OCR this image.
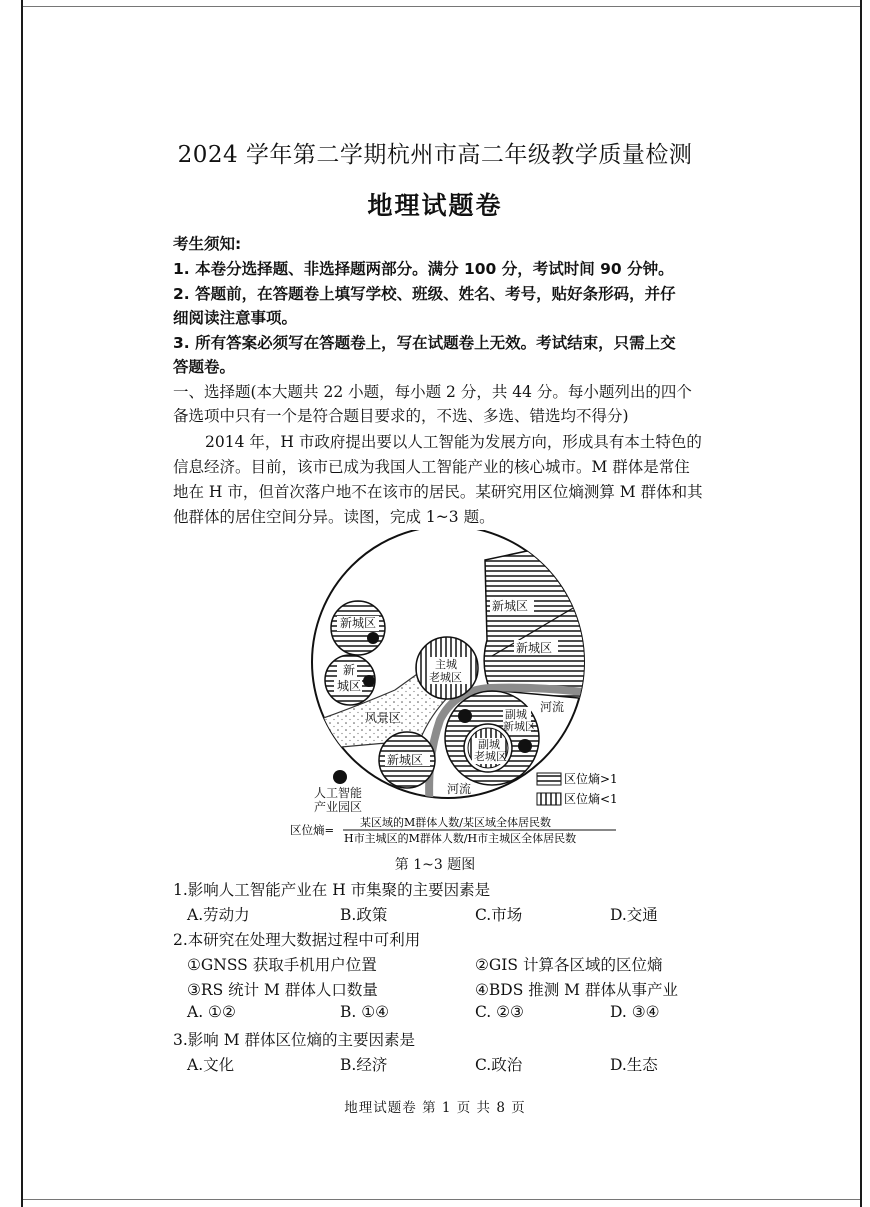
2024 学年第二学期杭州市高二年级教学质量检测
地理试题卷
考生须知:
1. 本卷分选择题、非选择题两部分。满分 100 分，考试时间 90 分钟。
2. 答题前，在答题卷上填写学校、班级、姓名、考号，贴好条形码，并仔
细阅读注意事项。
3. 所有答案必须写在答题卷上，写在试题卷上无效。考试结束，只需上交
答题卷。
一、选择题(本大题共 22 小题，每小题 2 分，共 44 分。每小题列出的四个
备选项中只有一个是符合题目要求的，不选、多选、错选均不得分)
2014 年，H 市政府提出要以人工智能为发展方向，形成具有本土特色的
信息经济。目前，该市已成为我国人工智能产业的核心城市。M 群体是常住
地在 H 市，但首次落户地不在该市的居民。某研究用区位熵测算 M 群体和其
他群体的居住空间分异。读图，完成 1~3 题。
新城区
新
城区
主城
老城区
新城区
新城区
风景区
河流
副城
新城区
副城
老城区
新城区
河流
人工智能
产业园区
区位熵>1
区位熵<1
区位熵=
某区域的M群体人数/某区域全体居民数
H市主城区的M群体人数/H市主城区全体居民数
第 1~3 题图
1.影响人工智能产业在 H 市集聚的主要因素是
A.劳动力	B.政策	C.市场	D.交通
2.本研究在处理大数据过程中可利用
①GNSS 获取手机用户位置	②GIS 计算各区域的区位熵
③RS 统计 M 群体人口数量	④BDS 推测 M 群体从事产业
A. ①②	B. ①④	C. ②③	D. ③④
3.影响 M 群体区位熵的主要因素是
A.文化	B.经济	C.政治	D.生态
地理试题卷 第 1 页 共 8 页
